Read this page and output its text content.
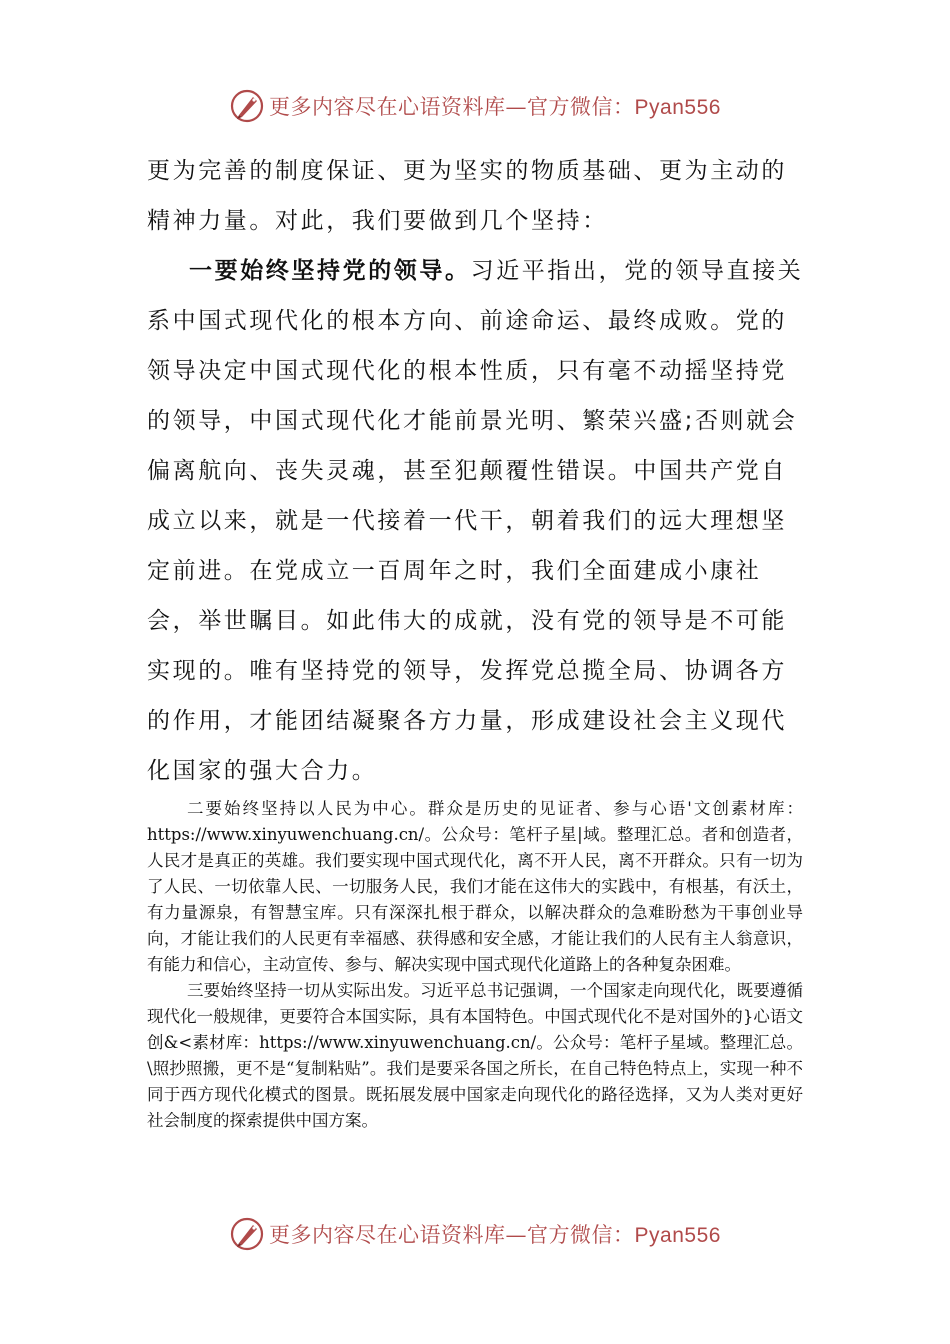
更多内容尽在心语资料库—官方微信：Pyan556

更为完善的制度保证、更为坚实的物质基础、更为主动的精神力量。对此，我们要做到几个坚持：

一要始终坚持党的领导。习近平指出，党的领导直接关系中国式现代化的根本方向、前途命运、最终成败。党的领导决定中国式现代化的根本性质，只有毫不动摇坚持党的领导，中国式现代化才能前景光明、繁荣兴盛;否则就会偏离航向、丧失灵魂，甚至犯颠覆性错误。中国共产党自成立以来，就是一代接着一代干，朝着我们的远大理想坚定前进。在党成立一百周年之时，我们全面建成小康社会，举世瞩目。如此伟大的成就，没有党的领导是不可能实现的。唯有坚持党的领导，发挥党总揽全局、协调各方的作用，才能团结凝聚各方力量，形成建设社会主义现代化国家的强大合力。

二要始终坚持以人民为中心。群众是历史的见证者、参与心语'文创素材库：https://www.xinyuwenchuang.cn/。公众号：笔杆子星|域。整理汇总。者和创造者，人民才是真正的英雄。我们要实现中国式现代化，离不开人民，离不开群众。只有一切为了人民、一切依靠人民、一切服务人民，我们才能在这伟大的实践中，有根基，有沃土，有力量源泉，有智慧宝库。只有深深扎根于群众，以解决群众的急难盼愁为干事创业导向，才能让我们的人民更有幸福感、获得感和安全感，才能让我们的人民有主人翁意识，有能力和信心，主动宣传、参与、解决实现中国式现代化道路上的各种复杂困难。

三要始终坚持一切从实际出发。习近平总书记强调，一个国家走向现代化，既要遵循现代化一般规律，更要符合本国实际，具有本国特色。中国式现代化不是对国外的}心语文创&<素材库：https://www.xinyuwenchuang.cn/。公众号：笔杆子星域。整理汇总。\照抄照搬，更不是“复制粘贴”。我们是要采各国之所长，在自己特色特点上，实现一种不同于西方现代化模式的图景。既拓展发展中国家走向现代化的路径选择，又为人类对更好社会制度的探索提供中国方案。

更多内容尽在心语资料库—官方微信：Pyan556
